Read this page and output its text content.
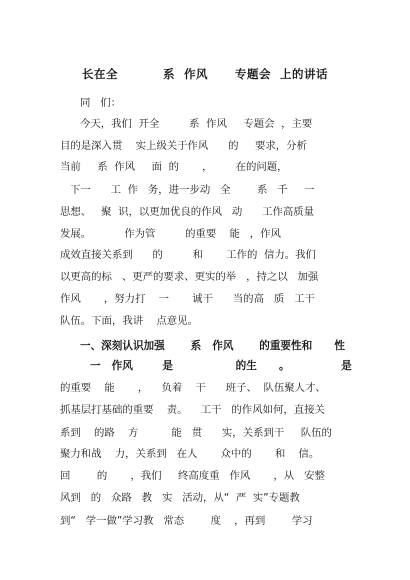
长在全          系  作风      专题会  上的讲话
同   们：
今天，我们  开全         系  作风     专题会  ，主要
目的是深入贯    实上级关于作风      的     要求，分析
当前     系  作风     面  的       ，       在的问题，
下一      工  作   务，进一步动   全        系   千     一
思想、   聚  识，以更加优良的作风   动      工作高质量
发展。          作为管         的重要    能   ，作风
成效直接关系到      的         和       工作的  信力。我们
以更高的标   、更严的要求、更实的举   ，持之以   加强
作风       ，努力打    一       诚干      当的高   质   工干
队伍。下面，我讲    点意见。
一、深刻认识加强       系   作风       的重要性和      性
一   作风        是                 的生      。              是
的重要    能       ，    负着    干      班子、  队伍聚人才、
抓基层打基础的重要    责。    工干   的作风如何，直接关
系到    的路    方          能   贯      实，关系到干     队伍的
聚力和战    力，关系到   在人       众中的       和    信。
回        的       ，我们     终高度重   作风       ，从   安整
风到   的   众路   教   实   活动，从“  严  实”专题教
到“   学一做”学习教   常态        度    ，再到        学习
